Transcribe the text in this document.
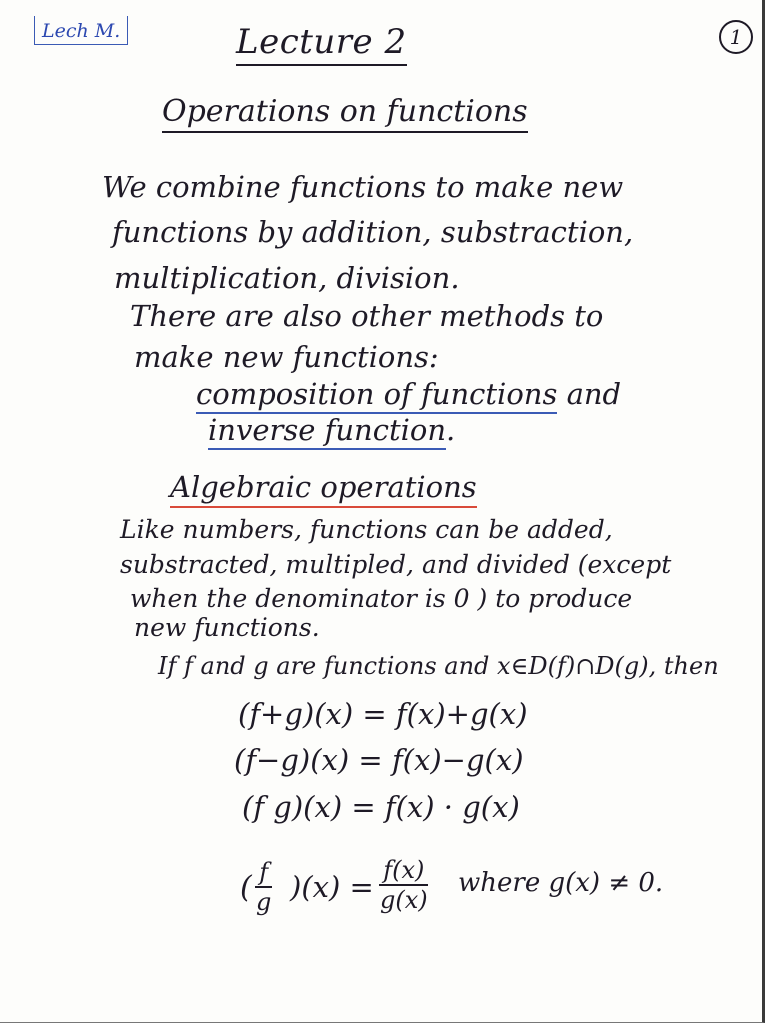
Lech M.	1
Lecture 2
Operations on functions
We combine functions to make new
functions by addition, substraction,
multiplication, division.
There are also other methods to
make new functions:
composition of functions and
inverse function.
Algebraic operations
Like numbers, functions can be added,
substracted, multipled, and divided (except
when the denominator is 0 ) to produce
new functions.
If f and g are functions and x∈D(f)∩D(g), then
(f+g)(x) = f(x)+g(x)
(f−g)(x) = f(x)−g(x)
(f g)(x) = f(x) · g(x)
( $\frac{f}{g} )(x) = \frac{f(x)}{g(x)}$ where g(x) ≠ 0.
